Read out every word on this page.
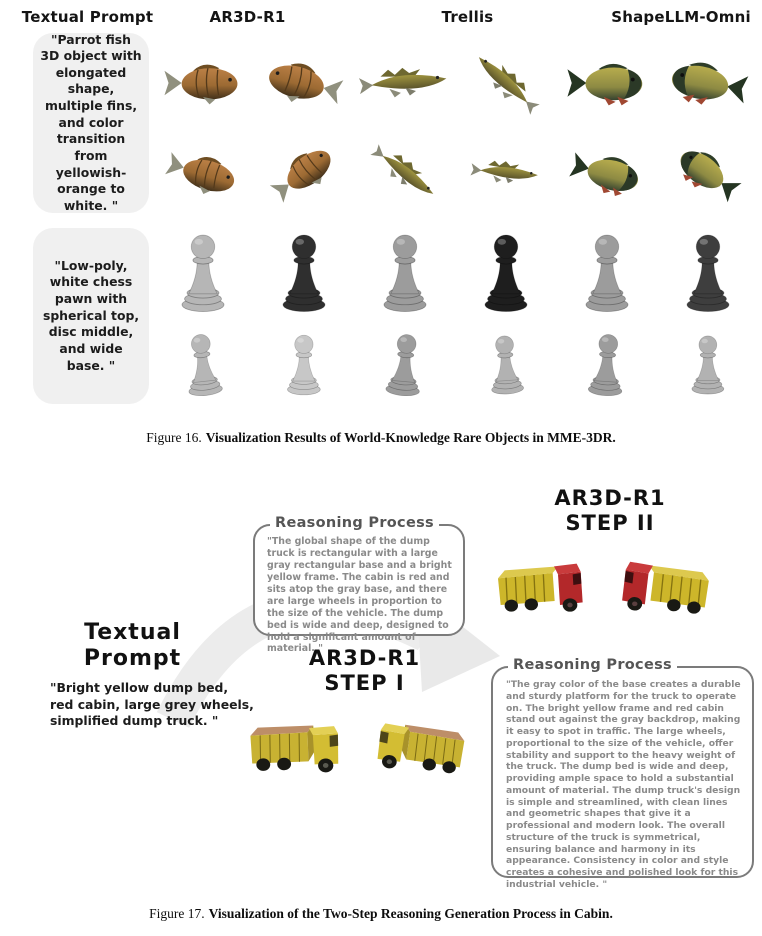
Textual Prompt	AR3D-R1	Trellis	ShapeLLM-Omni

"Parrot fish 3D object with elongated shape, multiple fins, and color transition from yellowish-orange to white. "

"Low-poly, white chess pawn with spherical top, disc middle, and wide base. "

Figure 16. Visualization Results of World-Knowledge Rare Objects in MME-3DR.

AR3D-R1
STEP II
Reasoning Process

"The global shape of the dump truck is rectangular with a large gray rectangular base and a bright yellow frame. The cabin is red and sits atop the gray base, and there are large wheels in proportion to the size of the vehicle. The dump bed is wide and deep, designed to hold a significant amount of material. "

Textual
Prompt

"Bright yellow dump bed, red cabin, large grey wheels, simplified dump truck. "

AR3D-R1
STEP I
Reasoning Process

"The gray color of the base creates a durable and sturdy platform for the truck to operate on. The bright yellow frame and red cabin stand out against the gray backdrop, making it easy to spot in traffic. The large wheels, proportional to the size of the vehicle, offer stability and support to the heavy weight of the truck. The dump bed is wide and deep, providing ample space to hold a substantial amount of material. The dump truck's design is simple and streamlined, with clean lines and geometric shapes that give it a professional and modern look. The overall structure of the truck is symmetrical, ensuring balance and harmony in its appearance. Consistency in color and style creates a cohesive and polished look for this industrial vehicle. "

Figure 17. Visualization of the Two-Step Reasoning Generation Process in Cabin.
